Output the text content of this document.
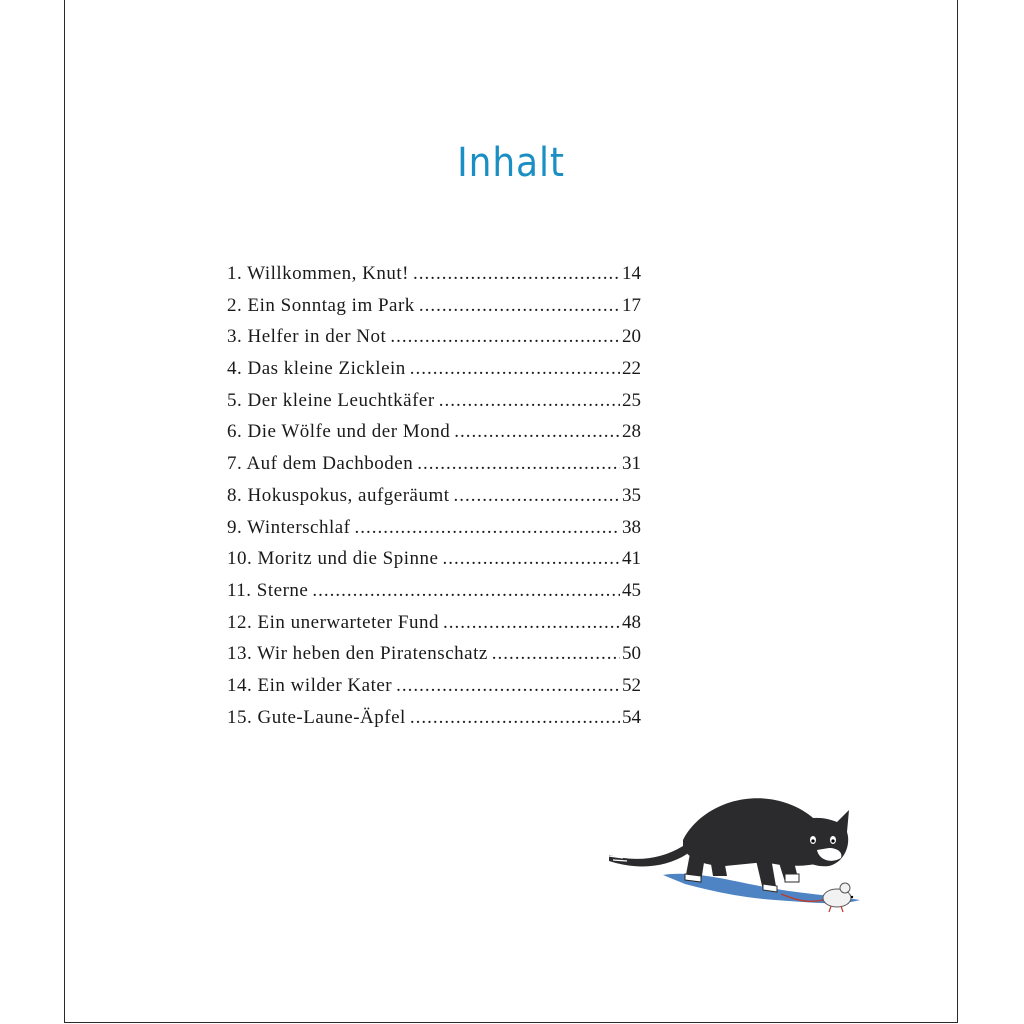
Inhalt
1. Willkommen, Knut! .....	14
2. Ein Sonntag im Park .....	17
3. Helfer in der Not .....	20
4. Das kleine Zicklein .....	22
5. Der kleine Leuchtkäfer .....	25
6. Die Wölfe und der Mond .....	28
7. Auf dem Dachboden .....	31
8. Hokuspokus, aufgeräumt .....	35
9. Winterschlaf .....	38
10. Moritz und die Spinne .....	41
11. Sterne .....	45
12. Ein unerwarteter Fund .....	48
13. Wir heben den Piratenschatz .....	50
14. Ein wilder Kater .....	52
15. Gute-Laune-Äpfel .....	54
